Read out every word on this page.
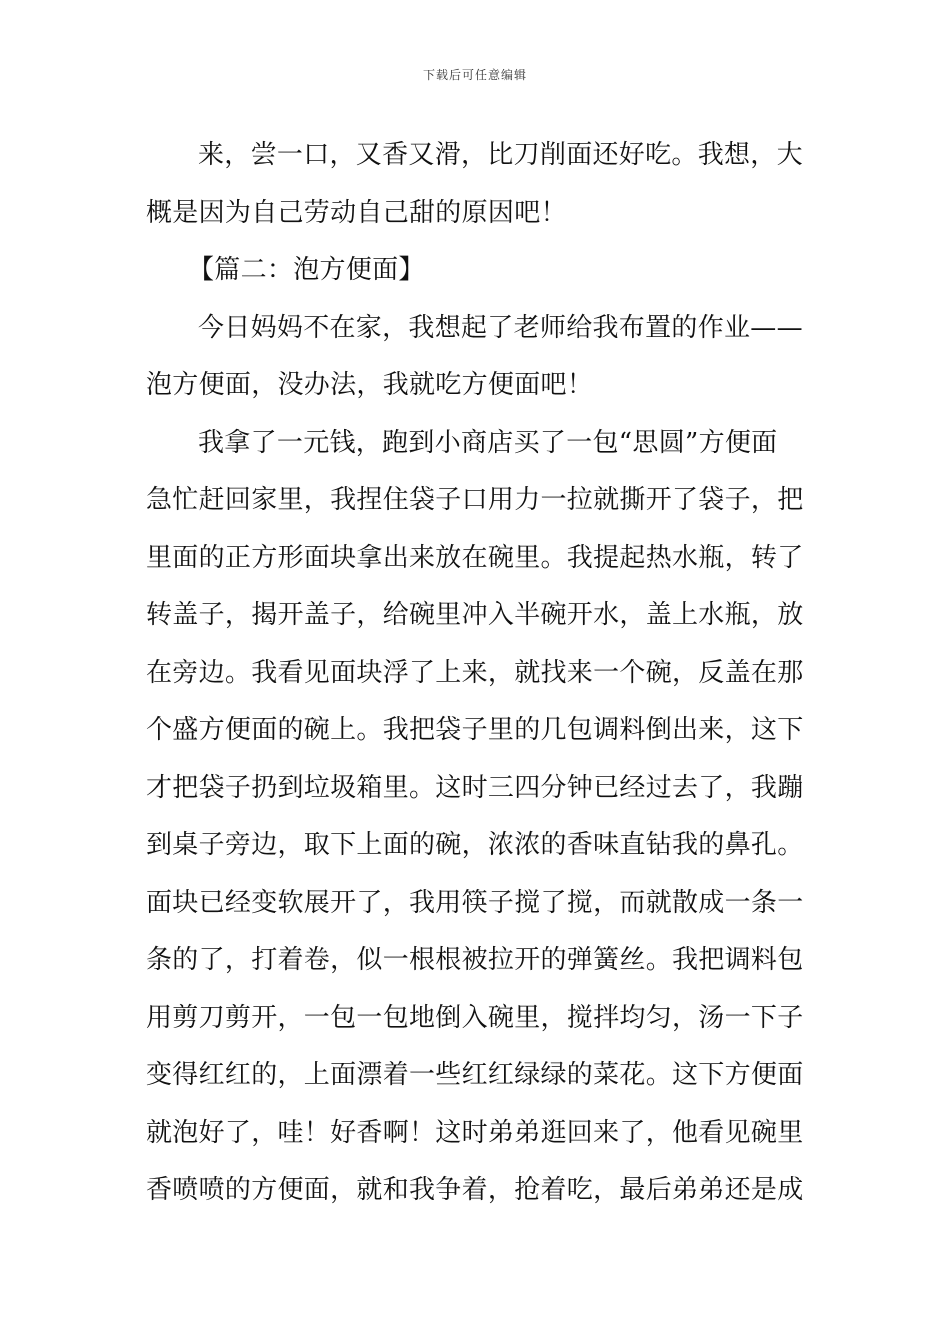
下载后可任意编辑
来，尝一口，又香又滑，比刀削面还好吃。我想，大
概是因为自己劳动自己甜的原因吧！
【篇二：泡方便面】
今日妈妈不在家，我想起了老师给我布置的作业——
泡方便面，没办法，我就吃方便面吧！
我拿了一元钱，跑到小商店买了一包“思圆”方便面
急忙赶回家里，我捏住袋子口用力一拉就撕开了袋子，把
里面的正方形面块拿出来放在碗里。我提起热水瓶，转了
转盖子，揭开盖子，给碗里冲入半碗开水，盖上水瓶，放
在旁边。我看见面块浮了上来，就找来一个碗，反盖在那
个盛方便面的碗上。我把袋子里的几包调料倒出来，这下
才把袋子扔到垃圾箱里。这时三四分钟已经过去了，我蹦
到桌子旁边，取下上面的碗，浓浓的香味直钻我的鼻孔。
面块已经变软展开了，我用筷子搅了搅，而就散成一条一
条的了，打着卷，似一根根被拉开的弹簧丝。我把调料包
用剪刀剪开，一包一包地倒入碗里，搅拌均匀，汤一下子
变得红红的，上面漂着一些红红绿绿的菜花。这下方便面
就泡好了，哇！好香啊！这时弟弟逛回来了，他看见碗里
香喷喷的方便面，就和我争着，抢着吃，最后弟弟还是成
